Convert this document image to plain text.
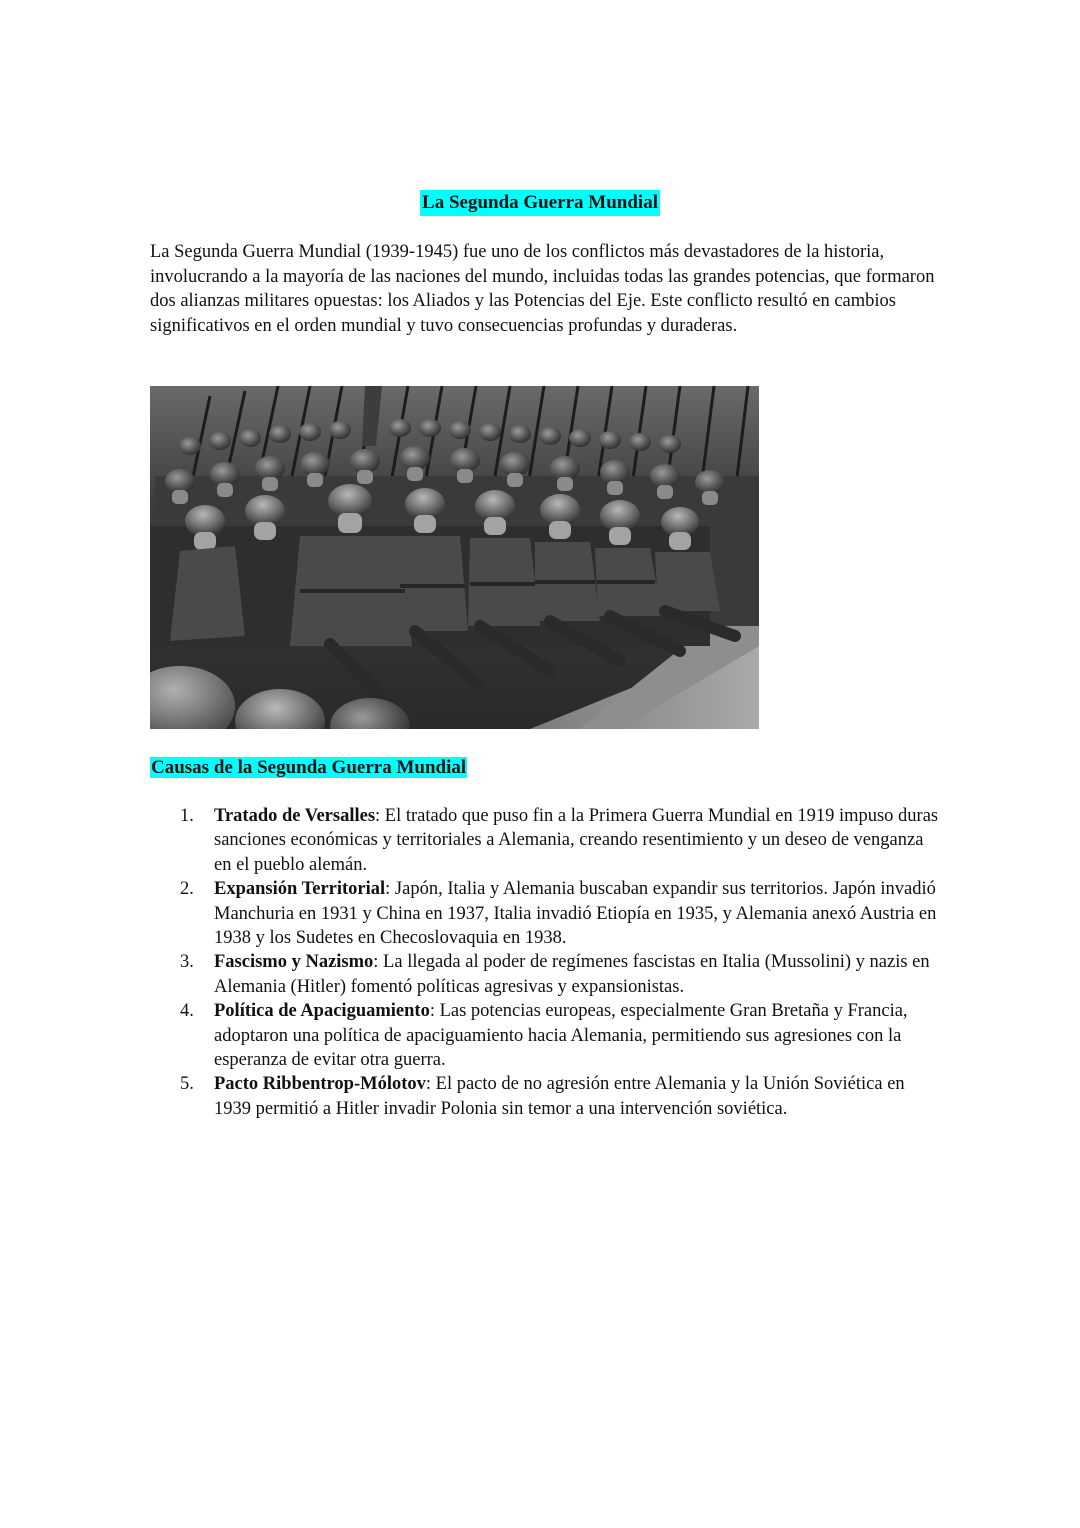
La Segunda Guerra Mundial

La Segunda Guerra Mundial (1939-1945) fue uno de los conflictos más devastadores de la historia, involucrando a la mayoría de las naciones del mundo, incluidas todas las grandes potencias, que formaron dos alianzas militares opuestas: los Aliados y las Potencias del Eje. Este conflicto resultó en cambios significativos en el orden mundial y tuvo consecuencias profundas y duraderas.

Causas de la Segunda Guerra Mundial
1. Tratado de Versalles: El tratado que puso fin a la Primera Guerra Mundial en 1919 impuso duras sanciones económicas y territoriales a Alemania, creando resentimiento y un deseo de venganza en el pueblo alemán.
2. Expansión Territorial: Japón, Italia y Alemania buscaban expandir sus territorios. Japón invadió Manchuria en 1931 y China en 1937, Italia invadió Etiopía en 1935, y Alemania anexó Austria en 1938 y los Sudetes en Checoslovaquia en 1938.
3. Fascismo y Nazismo: La llegada al poder de regímenes fascistas en Italia (Mussolini) y nazis en Alemania (Hitler) fomentó políticas agresivas y expansionistas.
4. Política de Apaciguamiento: Las potencias europeas, especialmente Gran Bretaña y Francia, adoptaron una política de apaciguamiento hacia Alemania, permitiendo sus agresiones con la esperanza de evitar otra guerra.
5. Pacto Ribbentrop-Mólotov: El pacto de no agresión entre Alemania y la Unión Soviética en 1939 permitió a Hitler invadir Polonia sin temor a una intervención soviética.
